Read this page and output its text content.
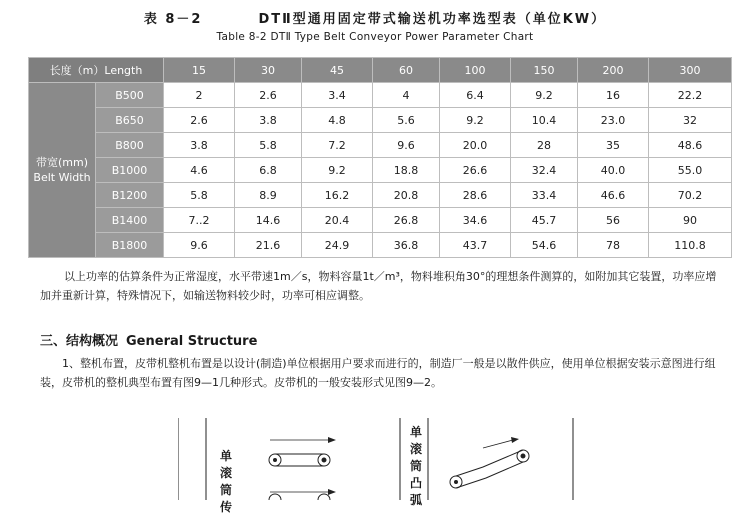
表 8－2	DTⅡ型通用固定带式输送机功率选型表（单位KW）
Table 8-2 DTⅡ Type Belt Conveyor Power Parameter Chart
长度（m）Length		15	30	45	60	100	150	200	300

带宽(mm)
Belt Width	B500	2	2.6	3.4	4	6.4	9.2	16	22.2
	B650	2.6	3.8	4.8	5.6	9.2	10.4	23.0	32
	B800	3.8	5.8	7.2	9.6	20.0	28	35	48.6
	B1000	4.6	6.8	9.2	18.8	26.6	32.4	40.0	55.0
	B1200	5.8	8.9	16.2	20.8	28.6	33.4	46.6	70.2
	B1400	7..2	14.6	20.4	26.8	34.6	45.7	56	90
	B1800	9.6	21.6	24.9	36.8	43.7	54.6	78	110.8
以上功率的估算条件为正常湿度，水平带速1m／s，物料容量1t／m³，物料堆积角30°的理想条件测算的，如附加其它装置，功率应增加并重新计算，特殊情况下，如输送物料较少时，功率可相应调整。
三、结构概况 General Structure
1、整机布置，皮带机整机布置是以设计(制造)单位根据用户要求而进行的，制造厂一般是以散件供应，使用单位根据安装示意图进行组装，皮带机的整机典型布置有图9—1几种形式。皮带机的一般安装形式见图9—2。
单滚筒传
单滚筒凸弧
